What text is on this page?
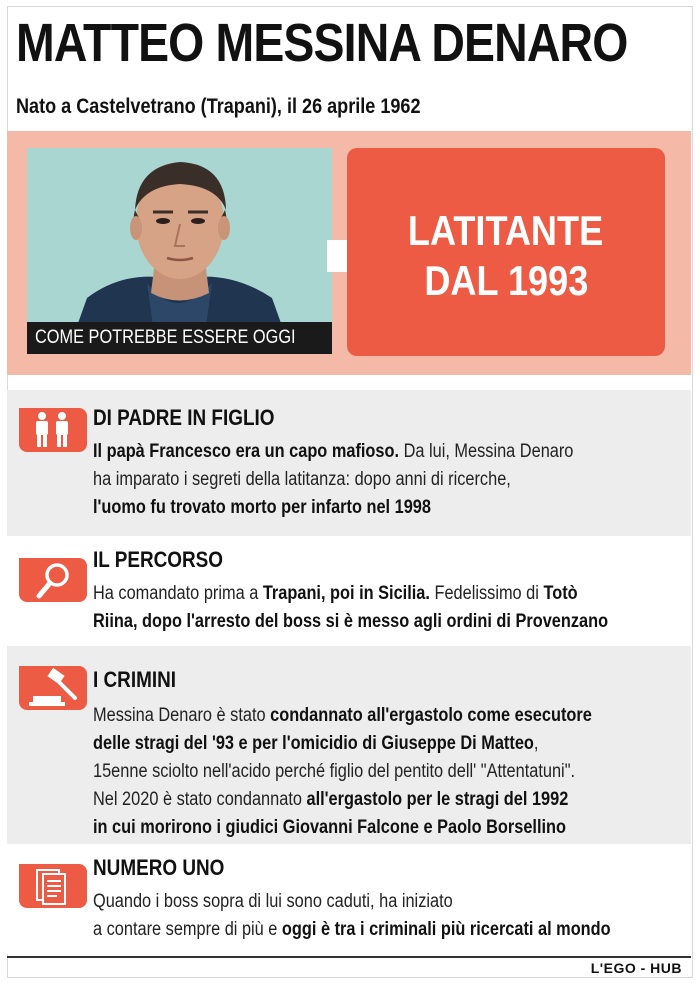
MATTEO MESSINA DENARO
Nato a Castelvetrano (Trapani), il 26 aprile 1962
COME POTREBBE ESSERE OGGI
LATITANTE
DAL 1993
DI PADRE IN FIGLIO

Il papà Francesco era un capo mafioso. Da lui, Messina Denaro

ha imparato i segreti della latitanza: dopo anni di ricerche,

l'uomo fu trovato morto per infarto nel 1998

IL PERCORSO

Ha comandato prima a Trapani, poi in Sicilia. Fedelissimo di Totò

Riina, dopo l'arresto del boss si è messo agli ordini di Provenzano

I CRIMINI

Messina Denaro è stato condannato all'ergastolo come esecutore

delle stragi del '93 e per l'omicidio di Giuseppe Di Matteo,

15enne sciolto nell'acido perché figlio del pentito dell' "Attentatuni".

Nel 2020 è stato condannato all'ergastolo per le stragi del 1992

in cui morirono i giudici Giovanni Falcone e Paolo Borsellino

NUMERO UNO

Quando i boss sopra di lui sono caduti, ha iniziato

a contare sempre di più e oggi è tra i criminali più ricercati al mondo

L'EGO - HUB
